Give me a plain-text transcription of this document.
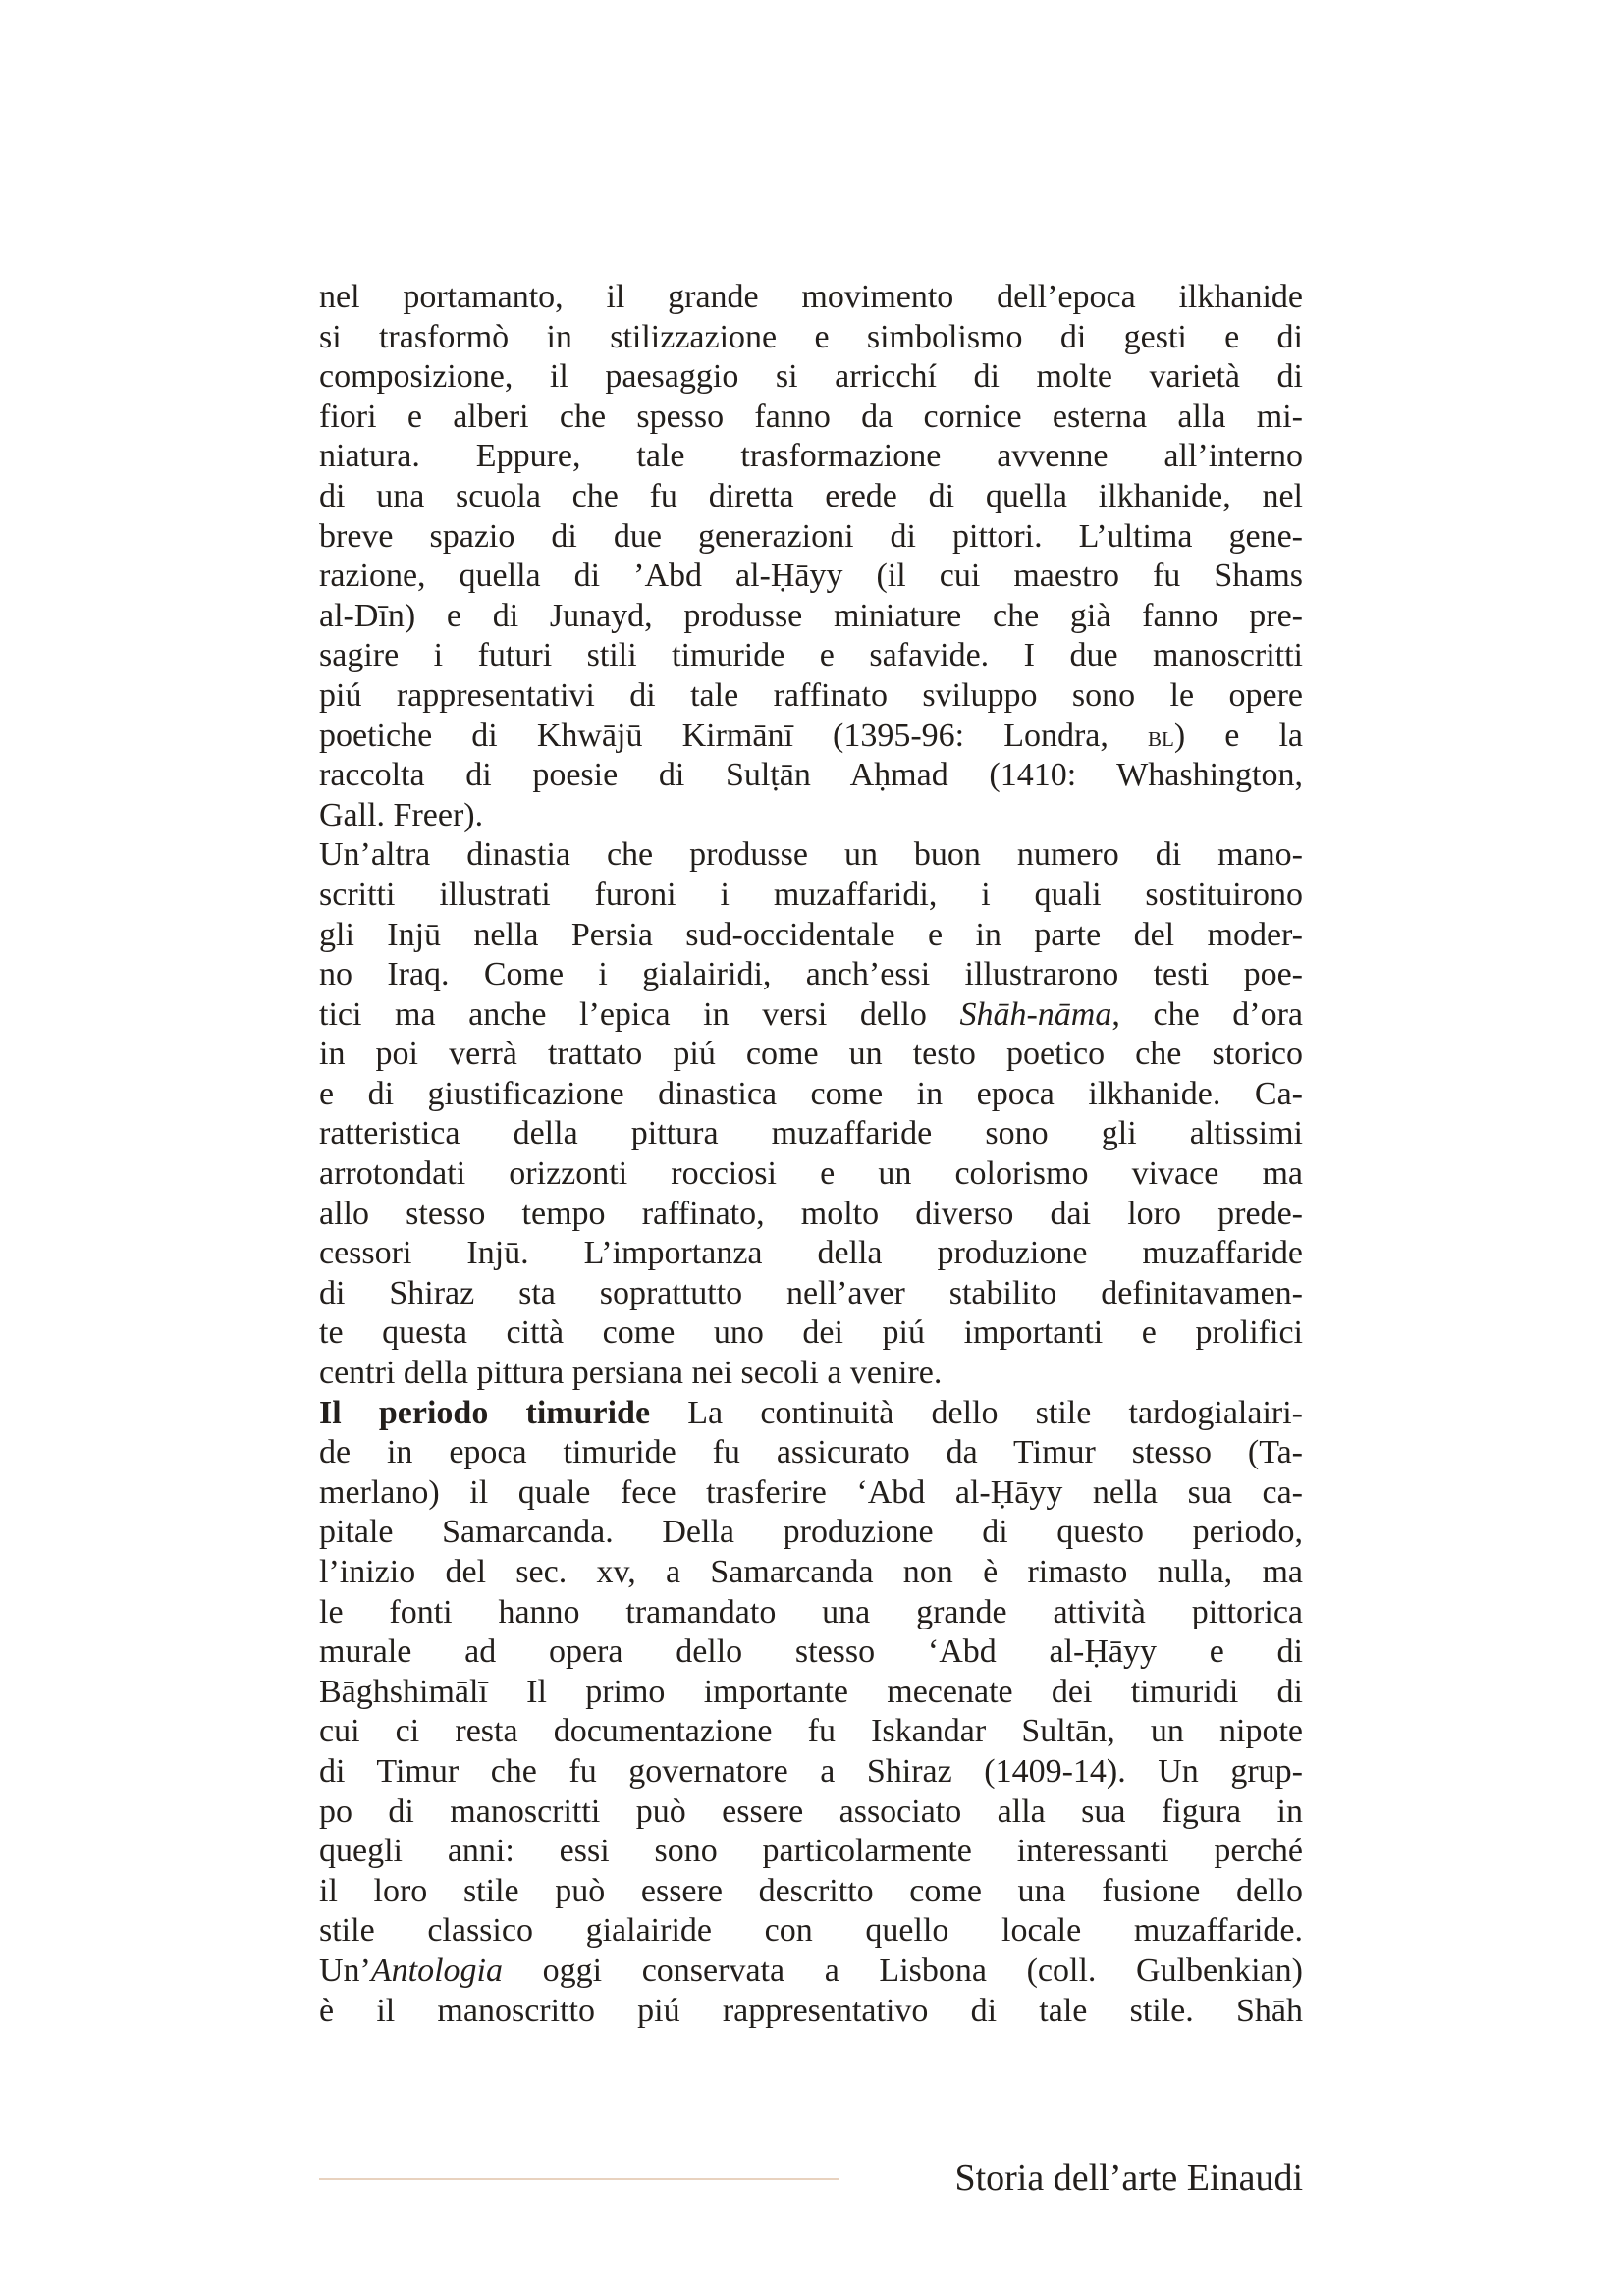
nel portamanto, il grande movimento dell’epoca ilkhanide
si trasformò in stilizzazione e simbolismo di gesti e di
composizione, il paesaggio si arricchí di molte varietà di
fiori e alberi che spesso fanno da cornice esterna alla mi-
niatura. Eppure, tale trasformazione avvenne all’interno
di una scuola che fu diretta erede di quella ilkhanide, nel
breve spazio di due generazioni di pittori. L’ultima gene-
razione, quella di ’Abd al-Ḥāyy (il cui maestro fu Shams
al-Dīn) e di Junayd, produsse miniature che già fanno pre-
sagire i futuri stili timuride e safavide. I due manoscritti
piú rappresentativi di tale raffinato sviluppo sono le opere
poetiche di Khwājū Kirmānī (1395-96: Londra, bl) e la
raccolta di poesie di Sulṭān Aḥmad (1410: Whashington,
Gall. Freer).
Un’altra dinastia che produsse un buon numero di mano-
scritti illustrati furoni i muzaffaridi, i quali sostituirono
gli Injū nella Persia sud-occidentale e in parte del moder-
no Iraq. Come i gialairidi, anch’essi illustrarono testi poe-
tici ma anche l’epica in versi dello Shāh-nāma, che d’ora
in poi verrà trattato piú come un testo poetico che storico
e di giustificazione dinastica come in epoca ilkhanide. Ca-
ratteristica della pittura muzaffaride sono gli altissimi
arrotondati orizzonti rocciosi e un colorismo vivace ma
allo stesso tempo raffinato, molto diverso dai loro prede-
cessori Injū. L’importanza della produzione muzaffaride
di Shiraz sta soprattutto nell’aver stabilito definitavamen-
te questa città come uno dei piú importanti e prolifici
centri della pittura persiana nei secoli a venire.
Il periodo timuride La continuità dello stile tardogialairi-
de in epoca timuride fu assicurato da Timur stesso (Ta-
merlano) il quale fece trasferire ‘Abd al-Ḥāyy nella sua ca-
pitale Samarcanda. Della produzione di questo periodo,
l’inizio del sec. xv, a Samarcanda non è rimasto nulla, ma
le fonti hanno tramandato una grande attività pittorica
murale ad opera dello stesso ‘Abd al-Ḥāyy e di
Bāghshimālī Il primo importante mecenate dei timuridi di
cui ci resta documentazione fu Iskandar Sultān, un nipote
di Timur che fu governatore a Shiraz (1409-14). Un grup-
po di manoscritti può essere associato alla sua figura in
quegli anni: essi sono particolarmente interessanti perché
il loro stile può essere descritto come una fusione dello
stile classico gialairide con quello locale muzaffaride.
Un’Antologia oggi conservata a Lisbona (coll. Gulbenkian)
è il manoscritto piú rappresentativo di tale stile. Shāh
Storia dell’arte Einaudi
